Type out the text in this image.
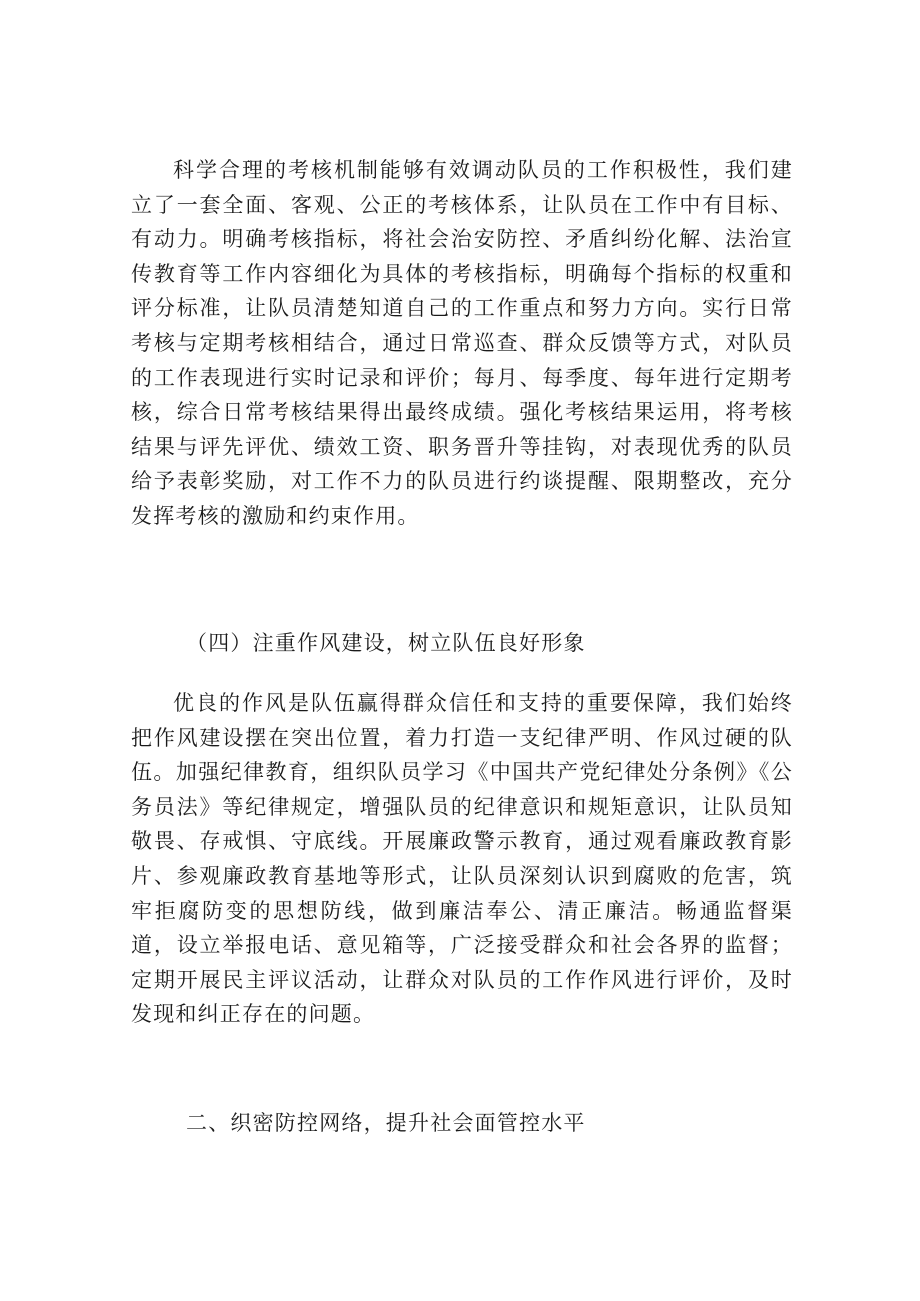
科学合理的考核机制能够有效调动队员的工作积极性，我们建立了一套全面、客观、公正的考核体系，让队员在工作中有目标、有动力。明确考核指标，将社会治安防控、矛盾纠纷化解、法治宣传教育等工作内容细化为具体的考核指标，明确每个指标的权重和评分标准，让队员清楚知道自己的工作重点和努力方向。实行日常考核与定期考核相结合，通过日常巡查、群众反馈等方式，对队员的工作表现进行实时记录和评价；每月、每季度、每年进行定期考核，综合日常考核结果得出最终成绩。强化考核结果运用，将考核结果与评先评优、绩效工资、职务晋升等挂钩，对表现优秀的队员给予表彰奖励，对工作不力的队员进行约谈提醒、限期整改，充分发挥考核的激励和约束作用。

（四）注重作风建设，树立队伍良好形象

优良的作风是队伍赢得群众信任和支持的重要保障，我们始终把作风建设摆在突出位置，着力打造一支纪律严明、作风过硬的队伍。加强纪律教育，组织队员学习《中国共产党纪律处分条例》《公务员法》等纪律规定，增强队员的纪律意识和规矩意识，让队员知敬畏、存戒惧、守底线。开展廉政警示教育，通过观看廉政教育影片、参观廉政教育基地等形式，让队员深刻认识到腐败的危害，筑牢拒腐防变的思想防线，做到廉洁奉公、清正廉洁。畅通监督渠道，设立举报电话、意见箱等，广泛接受群众和社会各界的监督；定期开展民主评议活动，让群众对队员的工作作风进行评价，及时发现和纠正存在的问题。

二、织密防控网络，提升社会面管控水平
